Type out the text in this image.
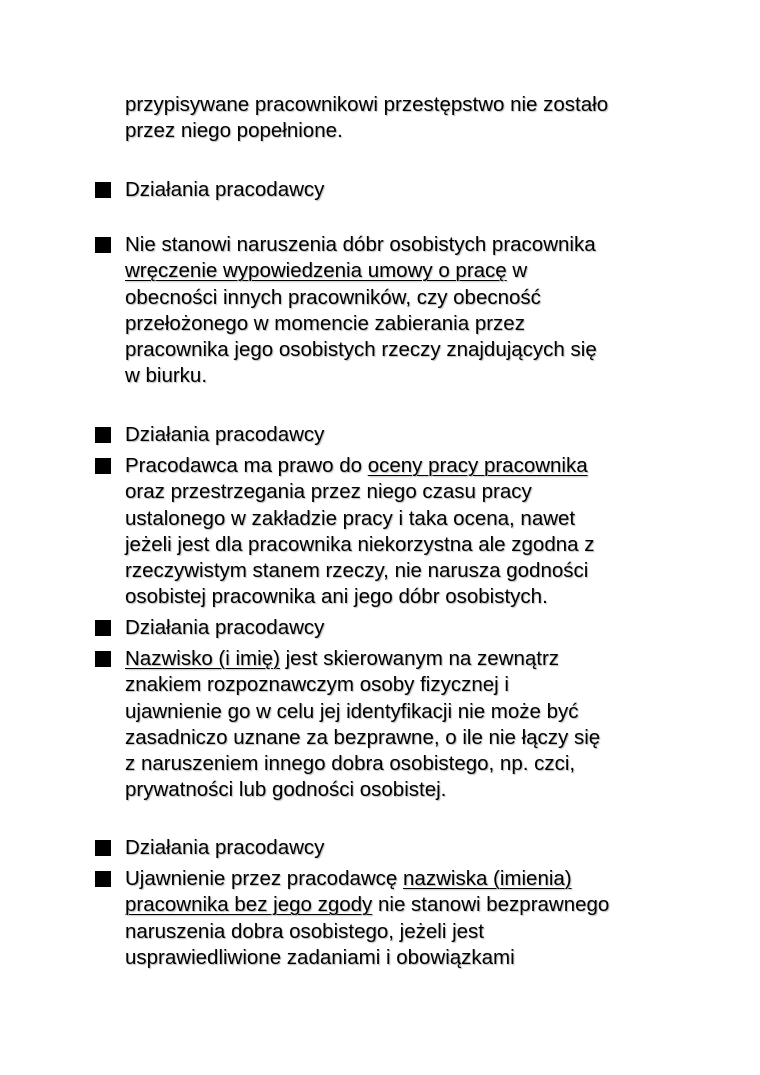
przypisywane pracownikowi przestępstwo nie zostało
przez niego popełnione.
Działania pracodawcy
Nie stanowi naruszenia dóbr osobistych pracownika
wręczenie wypowiedzenia umowy o pracę w
obecności innych pracowników, czy obecność
przełożonego w momencie zabierania przez
pracownika jego osobistych rzeczy znajdujących się
w biurku.
Działania pracodawcy
Pracodawca ma prawo do oceny pracy pracownika
oraz przestrzegania przez niego czasu pracy
ustalonego w zakładzie pracy i taka ocena, nawet
jeżeli jest dla pracownika niekorzystna ale zgodna z
rzeczywistym stanem rzeczy, nie narusza godności
osobistej pracownika ani jego dóbr osobistych.
Działania pracodawcy
Nazwisko (i imię) jest skierowanym na zewnątrz
znakiem rozpoznawczym osoby fizycznej i
ujawnienie go w celu jej identyfikacji nie może być
zasadniczo uznane za bezprawne, o ile nie łączy się
z naruszeniem innego dobra osobistego, np. czci,
prywatności lub godności osobistej.
Działania pracodawcy
Ujawnienie przez pracodawcę nazwiska (imienia)
pracownika bez jego zgody nie stanowi bezprawnego
naruszenia dobra osobistego, jeżeli jest
usprawiedliwione zadaniami i obowiązkami
